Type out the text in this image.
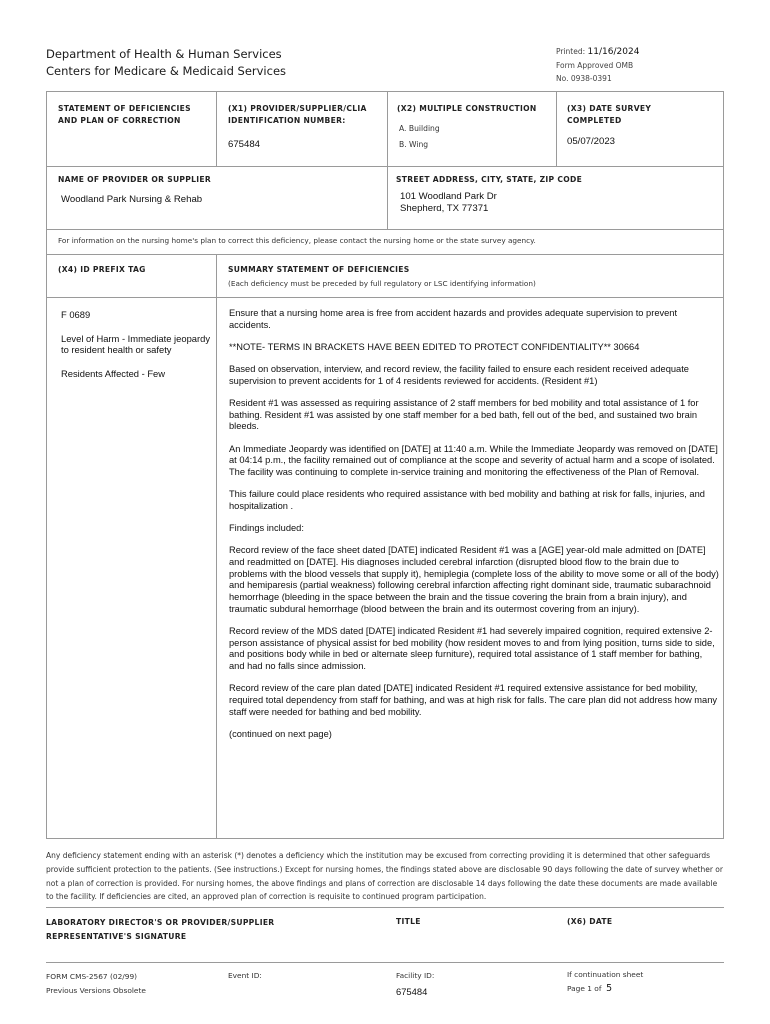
Department of Health & Human Services
Centers for Medicare & Medicaid Services
Printed: 11/16/2024
Form Approved OMB
No. 0938-0391
STATEMENT OF DEFICIENCIES
AND PLAN OF CORRECTION
(X1) PROVIDER/SUPPLIER/CLIA
IDENTIFICATION NUMBER:
675484
(X2) MULTIPLE CONSTRUCTION
A. Building
B. Wing
(X3) DATE SURVEY
COMPLETED
05/07/2023
NAME OF PROVIDER OR SUPPLIER
Woodland Park Nursing & Rehab
STREET ADDRESS, CITY, STATE, ZIP CODE
101 Woodland Park Dr
Shepherd, TX 77371
For information on the nursing home's plan to correct this deficiency, please contact the nursing home or the state survey agency.
(X4) ID PREFIX TAG	SUMMARY STATEMENT OF DEFICIENCIES
(Each deficiency must be preceded by full regulatory or LSC identifying information)
F 0689
Level of Harm - Immediate jeopardy to resident health or safety
Residents Affected - Few

Ensure that a nursing home area is free from accident hazards and provides adequate supervision to prevent accidents.

**NOTE- TERMS IN BRACKETS HAVE BEEN EDITED TO PROTECT CONFIDENTIALITY** 30664

Based on observation, interview, and record review, the facility failed to ensure each resident received adequate supervision to prevent accidents for 1 of 4 residents reviewed for accidents. (Resident #1)

Resident #1 was assessed as requiring assistance of 2 staff members for bed mobility and total assistance of 1 for bathing. Resident #1 was assisted by one staff member for a bed bath, fell out of the bed, and sustained two brain bleeds.

An Immediate Jeopardy was identified on [DATE] at 11:40 a.m. While the Immediate Jeopardy was removed on [DATE] at 04:14 p.m., the facility remained out of compliance at the scope and severity of actual harm and a scope of isolated. The facility was continuing to complete in-service training and monitoring the effectiveness of the Plan of Removal.

This failure could place residents who required assistance with bed mobility and bathing at risk for falls, injuries, and hospitalization .

Findings included:

Record review of the face sheet dated [DATE] indicated Resident #1 was a [AGE] year-old male admitted on [DATE] and readmitted on [DATE]. His diagnoses included cerebral infarction (disrupted blood flow to the brain due to problems with the blood vessels that supply it), hemiplegia (complete loss of the ability to move some or all of the body) and hemiparesis (partial weakness) following cerebral infarction affecting right dominant side, traumatic subarachnoid hemorrhage (bleeding in the space between the brain and the tissue covering the brain from a brain injury), and traumatic subdural hemorrhage (blood between the brain and its outermost covering from an injury).

Record review of the MDS dated [DATE] indicated Resident #1 had severely impaired cognition, required extensive 2-person assistance of physical assist for bed mobility (how resident moves to and from lying position, turns side to side, and positions body while in bed or alternate sleep furniture), required total assistance of 1 staff member for bathing, and had no falls since admission.

Record review of the care plan dated [DATE] indicated Resident #1 required extensive assistance for bed mobility, required total dependency from staff for bathing, and was at high risk for falls. The care plan did not address how many staff were needed for bathing and bed mobility.

(continued on next page)

Any deficiency statement ending with an asterisk (*) denotes a deficiency which the institution may be excused from correcting providing it is determined that other safeguards provide sufficient protection to the patients. (See instructions.) Except for nursing homes, the findings stated above are disclosable 90 days following the date of survey whether or not a plan of correction is provided. For nursing homes, the above findings and plans of correction are disclosable 14 days following the date these documents are made available to the facility. If deficiencies are cited, an approved plan of correction is requisite to continued program participation.
LABORATORY DIRECTOR'S OR PROVIDER/SUPPLIER
REPRESENTATIVE'S SIGNATURE
TITLE	(X6) DATE
FORM CMS-2567 (02/99)
Previous Versions Obsolete
Event ID:	Facility ID:
675484
If continuation sheet
Page 1 of 5
